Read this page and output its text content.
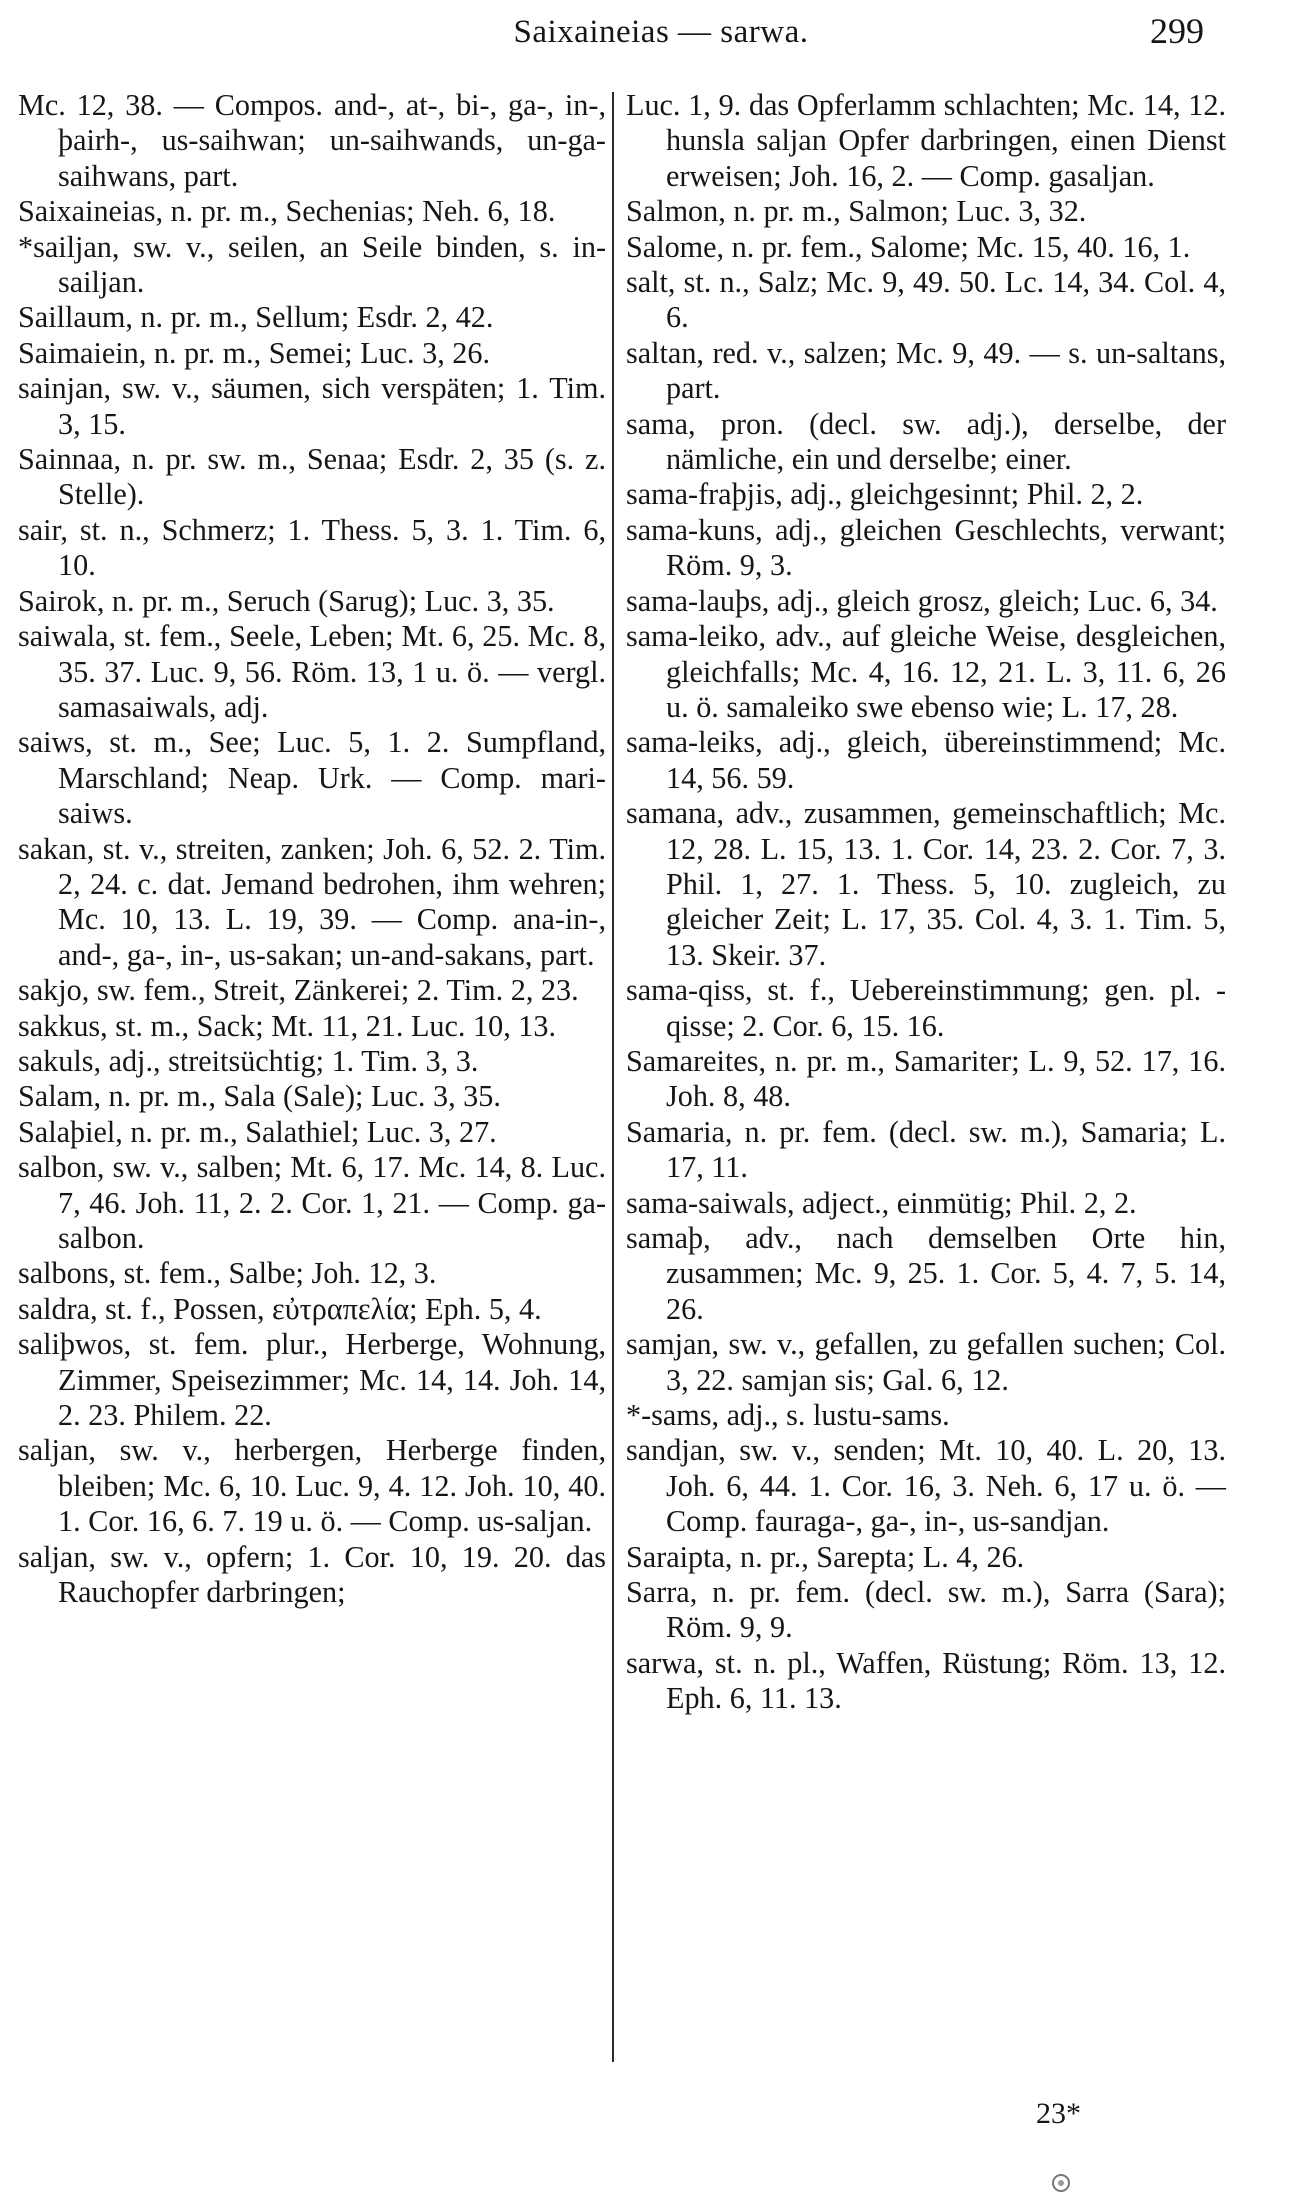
Saixaineias — sarwa.	299

Mc. 12, 38. — Compos. and-, at-, bi-, ga-, in-, þairh-, us-saihwan; un-saihwands, un-ga-saihwans, part.

Saixaineias, n. pr. m., Sechenias; Neh. 6, 18.

*sailjan, sw. v., seilen, an Seile binden, s. in-sailjan.

Saillaum, n. pr. m., Sellum; Esdr. 2, 42.

Saimaiein, n. pr. m., Semei; Luc. 3, 26.

sainjan, sw. v., säumen, sich verspäten; 1. Tim. 3, 15.

Sainnaa, n. pr. sw. m., Senaa; Esdr. 2, 35 (s. z. Stelle).

sair, st. n., Schmerz; 1. Thess. 5, 3. 1. Tim. 6, 10.

Sairok, n. pr. m., Seruch (Sarug); Luc. 3, 35.

saiwala, st. fem., Seele, Leben; Mt. 6, 25. Mc. 8, 35. 37. Luc. 9, 56. Röm. 13, 1 u. ö. — vergl. samasaiwals, adj.

saiws, st. m., See; Luc. 5, 1. 2. Sumpfland, Marschland; Neap. Urk. — Comp. mari-saiws.

sakan, st. v., streiten, zanken; Joh. 6, 52. 2. Tim. 2, 24. c. dat. Jemand bedrohen, ihm wehren; Mc. 10, 13. L. 19, 39. — Comp. ana-in-, and-, ga-, in-, us-sakan; un-and-sakans, part.

sakjo, sw. fem., Streit, Zänkerei; 2. Tim. 2, 23.

sakkus, st. m., Sack; Mt. 11, 21. Luc. 10, 13.

sakuls, adj., streitsüchtig; 1. Tim. 3, 3.

Salam, n. pr. m., Sala (Sale); Luc. 3, 35.

Salaþiel, n. pr. m., Salathiel; Luc. 3, 27.

salbon, sw. v., salben; Mt. 6, 17. Mc. 14, 8. Luc. 7, 46. Joh. 11, 2. 2. Cor. 1, 21. — Comp. ga-salbon.

salbons, st. fem., Salbe; Joh. 12, 3.

saldra, st. f., Possen, εὐτραπελία; Eph. 5, 4.

saliþwos, st. fem. plur., Herberge, Wohnung, Zimmer, Speisezimmer; Mc. 14, 14. Joh. 14, 2. 23. Philem. 22.

saljan, sw. v., herbergen, Herberge finden, bleiben; Mc. 6, 10. Luc. 9, 4. 12. Joh. 10, 40. 1. Cor. 16, 6. 7. 19 u. ö. — Comp. us-saljan.

saljan, sw. v., opfern; 1. Cor. 10, 19. 20. das Rauchopfer darbringen;

Luc. 1, 9. das Opferlamm schlachten; Mc. 14, 12. hunsla saljan Opfer darbringen, einen Dienst erweisen; Joh. 16, 2. — Comp. gasaljan.

Salmon, n. pr. m., Salmon; Luc. 3, 32.

Salome, n. pr. fem., Salome; Mc. 15, 40. 16, 1.

salt, st. n., Salz; Mc. 9, 49. 50. Lc. 14, 34. Col. 4, 6.

saltan, red. v., salzen; Mc. 9, 49. — s. un-saltans, part.

sama, pron. (decl. sw. adj.), derselbe, der nämliche, ein und derselbe; einer.

sama-fraþjis, adj., gleichgesinnt; Phil. 2, 2.

sama-kuns, adj., gleichen Geschlechts, verwant; Röm. 9, 3.

sama-lauþs, adj., gleich grosz, gleich; Luc. 6, 34.

sama-leiko, adv., auf gleiche Weise, desgleichen, gleichfalls; Mc. 4, 16. 12, 21. L. 3, 11. 6, 26 u. ö. samaleiko swe ebenso wie; L. 17, 28.

sama-leiks, adj., gleich, übereinstimmend; Mc. 14, 56. 59.

samana, adv., zusammen, gemeinschaftlich; Mc. 12, 28. L. 15, 13. 1. Cor. 14, 23. 2. Cor. 7, 3. Phil. 1, 27. 1. Thess. 5, 10. zugleich, zu gleicher Zeit; L. 17, 35. Col. 4, 3. 1. Tim. 5, 13. Skeir. 37.

sama-qiss, st. f., Uebereinstimmung; gen. pl. -qisse; 2. Cor. 6, 15. 16.

Samareites, n. pr. m., Samariter; L. 9, 52. 17, 16. Joh. 8, 48.

Samaria, n. pr. fem. (decl. sw. m.), Samaria; L. 17, 11.

sama-saiwals, adject., einmütig; Phil. 2, 2.

samaþ, adv., nach demselben Orte hin, zusammen; Mc. 9, 25. 1. Cor. 5, 4. 7, 5. 14, 26.

samjan, sw. v., gefallen, zu gefallen suchen; Col. 3, 22. samjan sis; Gal. 6, 12.

*-sams, adj., s. lustu-sams.

sandjan, sw. v., senden; Mt. 10, 40. L. 20, 13. Joh. 6, 44. 1. Cor. 16, 3. Neh. 6, 17 u. ö. — Comp. fauraga-, ga-, in-, us-sandjan.

Saraipta, n. pr., Sarepta; L. 4, 26.

Sarra, n. pr. fem. (decl. sw. m.), Sarra (Sara); Röm. 9, 9.

sarwa, st. n. pl., Waffen, Rüstung; Röm. 13, 12. Eph. 6, 11. 13.

23*
